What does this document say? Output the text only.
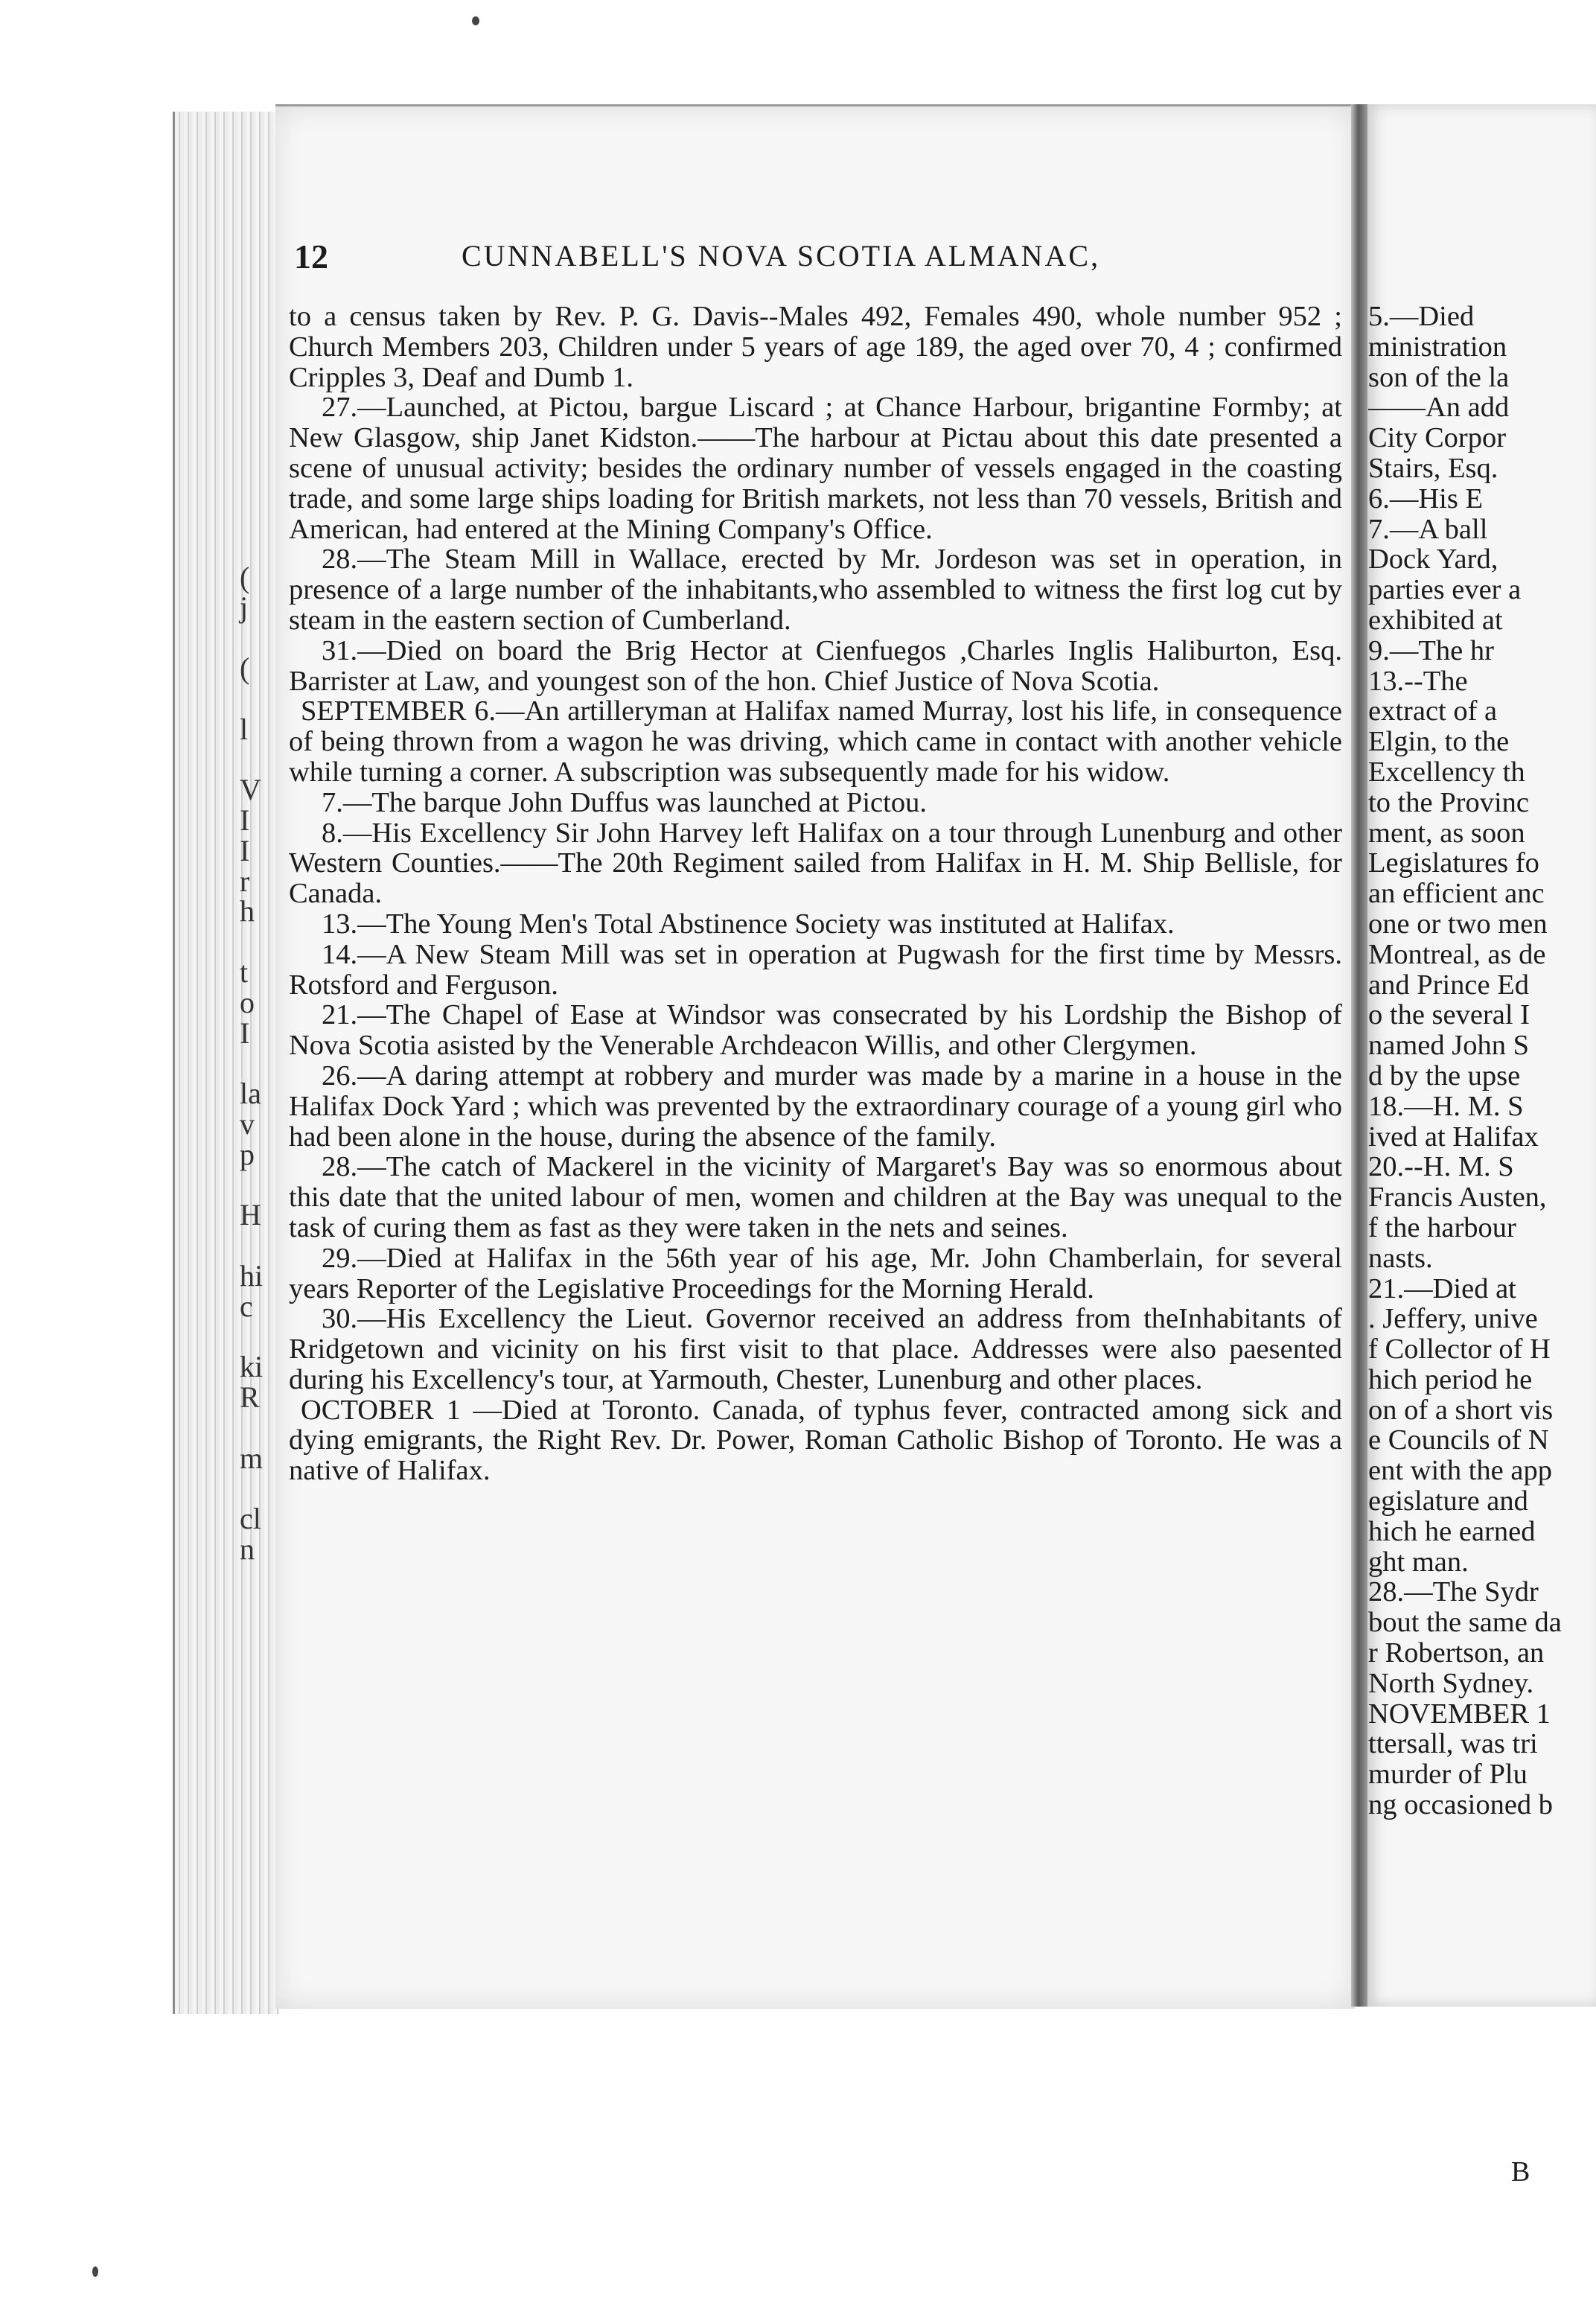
(
j
(
l
V
I
I
r
h
t
o
I
la
v
p
H
hi
c
ki
R
m
cl
n
12	CUNNABELL'S NOVA SCOTIA ALMANAC,

to a census taken by Rev. P. G. Davis--Males 492, Females 490, whole number 952 ; Church Members 203, Children under 5 years of age 189, the aged over 70, 4 ; confirmed Cripples 3, Deaf and Dumb 1.

27.—Launched, at Pictou, bargue Liscard ; at Chance Harbour, brigantine Formby; at New Glasgow, ship Janet Kidston.——The harbour at Pictau about this date presented a scene of unusual activity; besides the ordinary number of vessels engaged in the coasting trade, and some large ships loading for British markets, not less than 70 vessels, British and American, had entered at the Mining Company's Office.

28.—The Steam Mill in Wallace, erected by Mr. Jordeson was set in operation, in presence of a large number of the inhabitants,who assembled to witness the first log cut by steam in the eastern section of Cumberland.

31.—Died on board the Brig Hector at Cienfuegos ,Charles Inglis Haliburton, Esq. Barrister at Law, and youngest son of the hon. Chief Justice of Nova Scotia.

SEPTEMBER 6.—An artilleryman at Halifax named Murray, lost his life, in consequence of being thrown from a wagon he was driving, which came in contact with another vehicle while turning a corner. A subscription was subsequently made for his widow.

7.—The barque John Duffus was launched at Pictou.

8.—His Excellency Sir John Harvey left Halifax on a tour through Lunenburg and other Western Counties.——The 20th Regiment sailed from Halifax in H. M. Ship Bellisle, for Canada.

13.—The Young Men's Total Abstinence Society was instituted at Halifax.

14.—A New Steam Mill was set in operation at Pugwash for the first time by Messrs. Rotsford and Ferguson.

21.—The Chapel of Ease at Windsor was consecrated by his Lordship the Bishop of Nova Scotia asisted by the Venerable Archdeacon Willis, and other Clergymen.

26.—A daring attempt at robbery and murder was made by a marine in a house in the Halifax Dock Yard ; which was prevented by the extraordinary courage of a young girl who had been alone in the house, during the absence of the family.

28.—The catch of Mackerel in the vicinity of Margaret's Bay was so enormous about this date that the united labour of men, women and children at the Bay was unequal to the task of curing them as fast as they were taken in the nets and seines.

29.—Died at Halifax in the 56th year of his age, Mr. John Chamberlain, for several years Reporter of the Legislative Proceedings for the Morning Herald.

30.—His Excellency the Lieut. Governor received an address from theInhabitants of Rridgetown and vicinity on his first visit to that place. Addresses were also paesented during his Excellency's tour, at Yarmouth, Chester, Lunenburg and other places.

OCTOBER 1 —Died at Toronto. Canada, of typhus fever, contracted among sick and dying emigrants, the Right Rev. Dr. Power, Roman Catholic Bishop of Toronto. He was a native of Halifax.

5.—Died
ministration
son of the la
——An add
City Corpor
Stairs, Esq.
6.—His E
7.—A ball
Dock Yard,
parties ever a
exhibited at
9.—The hr
13.--The
extract of a
Elgin, to the
Excellency th
to the Provinc
ment, as soon
Legislatures fo
an efficient anc
one or two men
Montreal, as de
and Prince Ed
o the several I
named John S
d by the upse
18.—H. M. S
ived at Halifax
20.--H. M. S
Francis Austen,
f the harbour
nasts.
21.—Died at
. Jeffery, unive
f Collector of H
hich period he
on of a short vis
e Councils of N
ent with the app
egislature and
hich he earned
ght man.
28.—The Sydr
bout the same da
r Robertson, an
North Sydney.
NOVEMBER 1
ttersall, was tri
murder of Plu
ng occasioned b
B
